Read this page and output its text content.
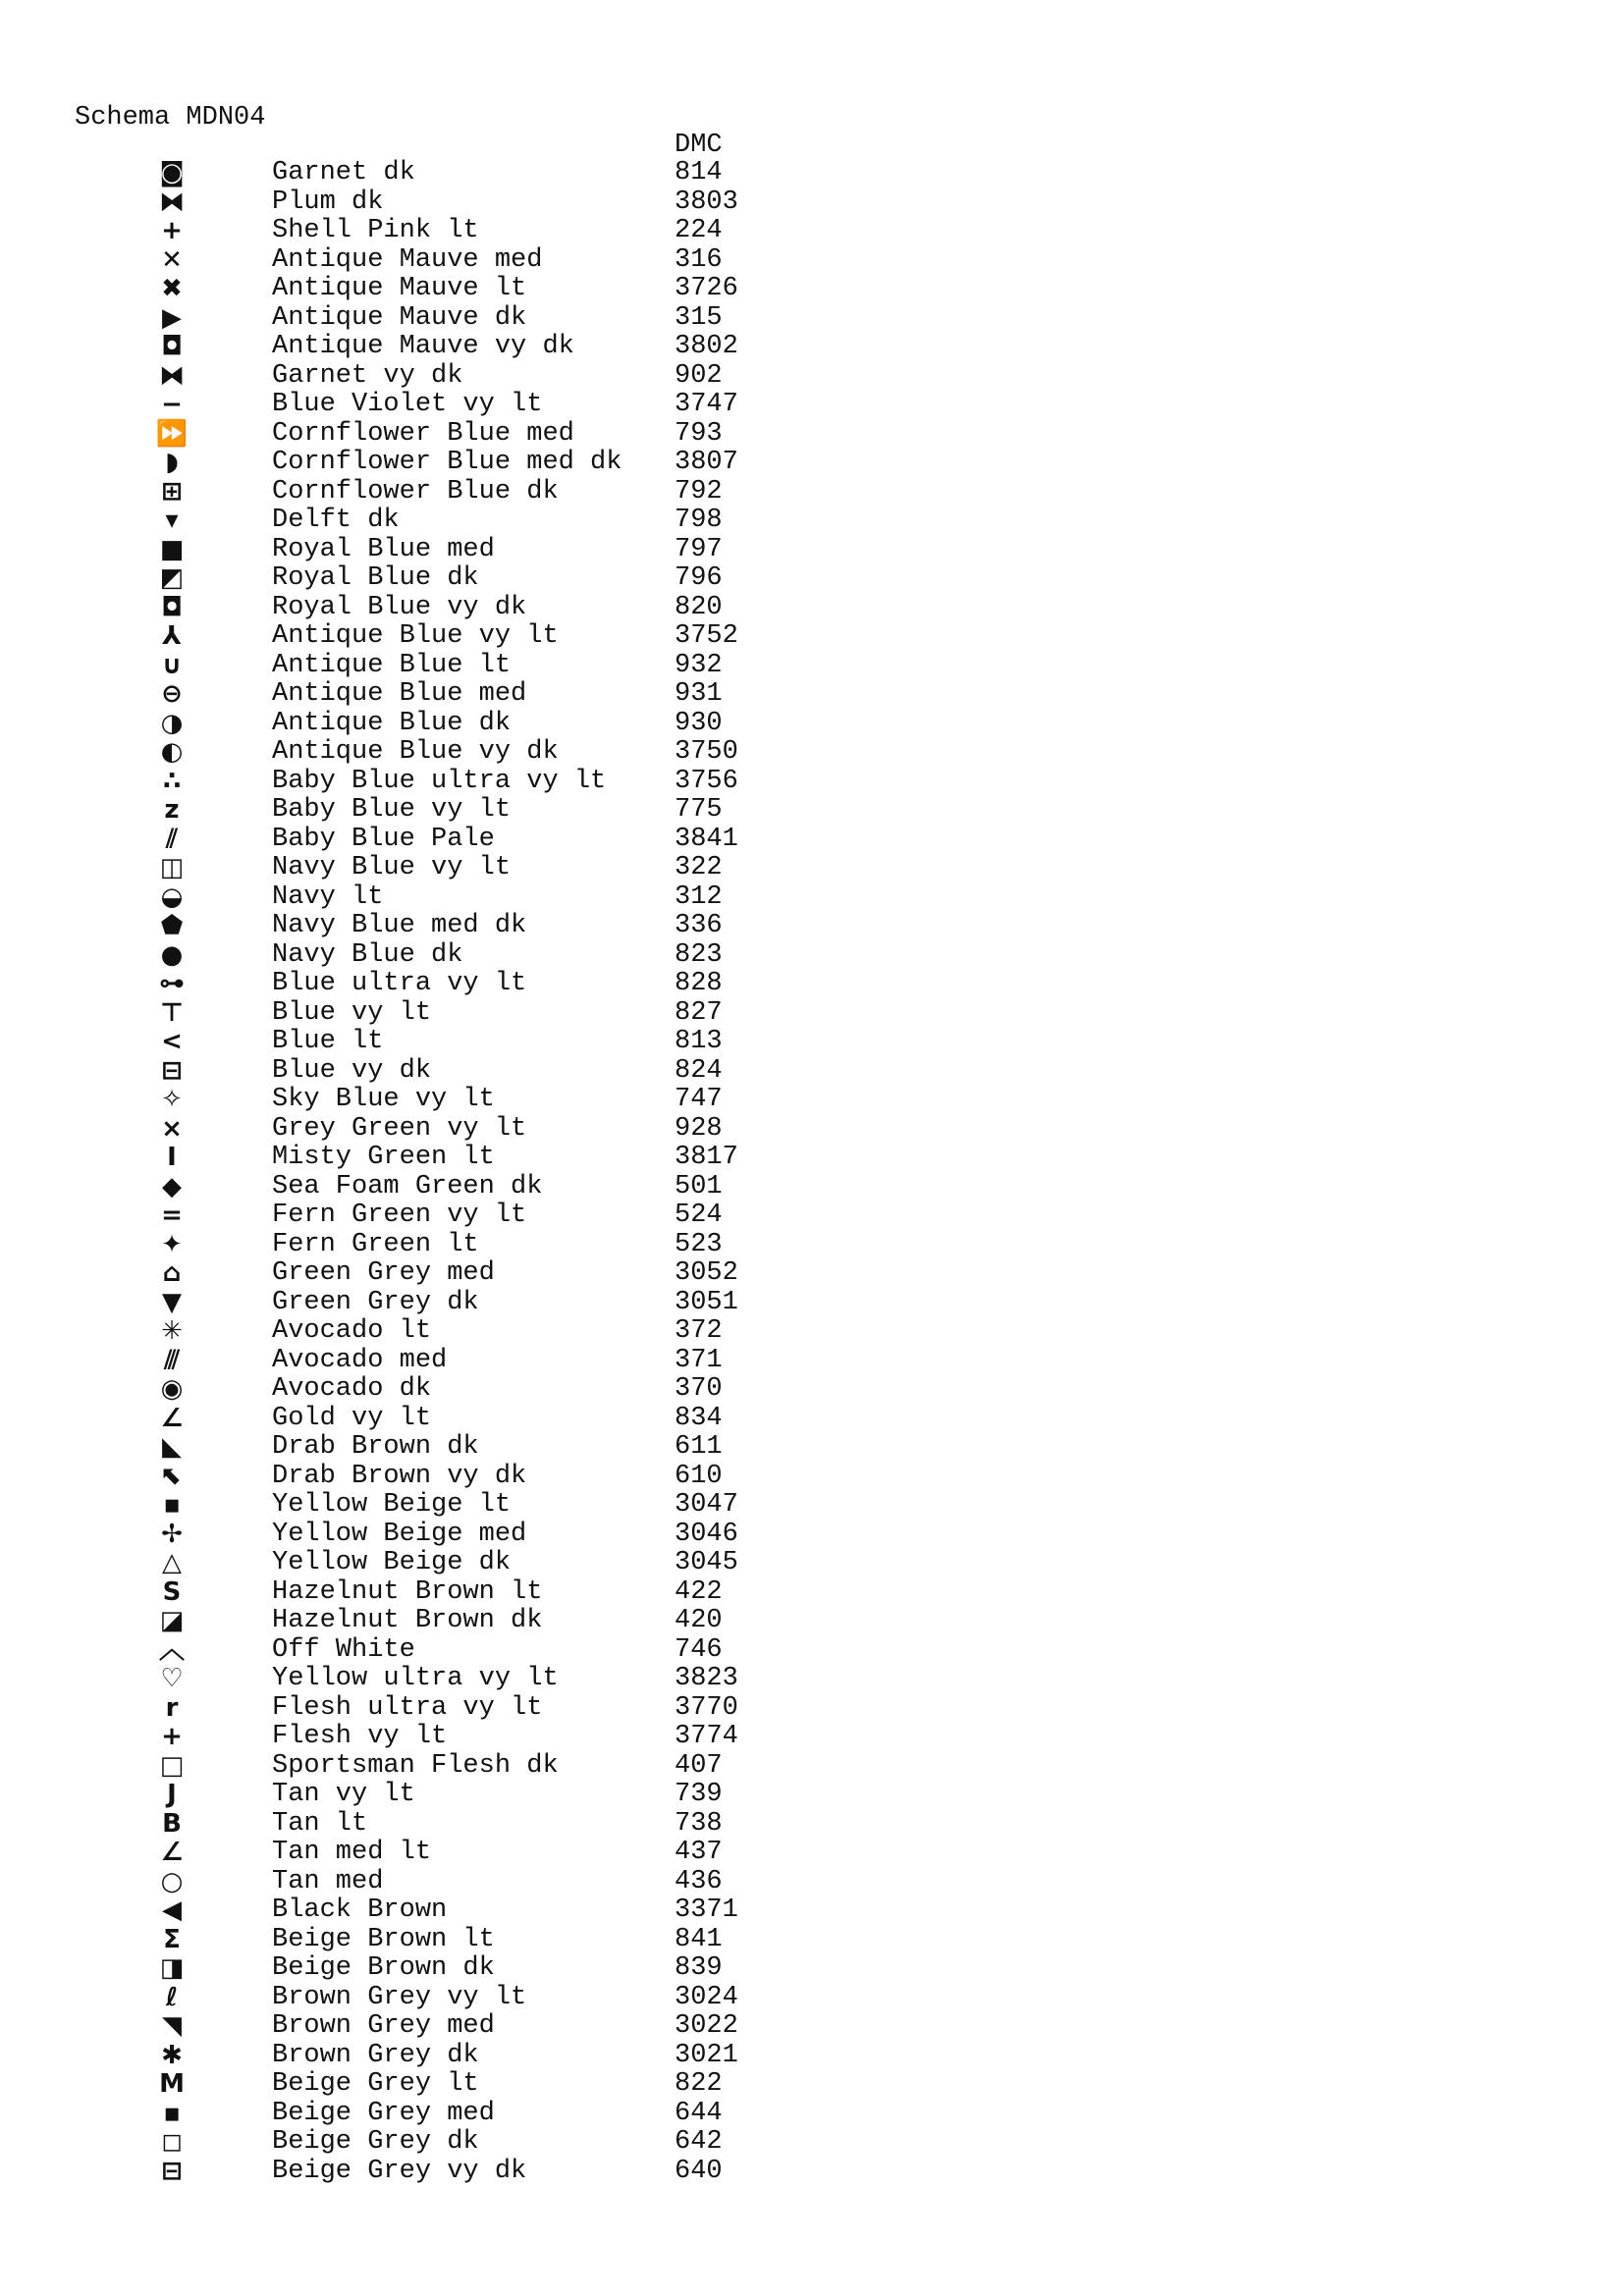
Schema MDN04
DMC
◙	Garnet dk	814
⧓	Plum dk	3803
+	Shell Pink lt	224
✕	Antique Mauve med	316
✖	Antique Mauve lt	3726
▶	Antique Mauve dk	315
◘	Antique Mauve vy dk	3802
⧓	Garnet vy dk	902
−	Blue Violet vy lt	3747
⏩	Cornflower Blue med	793
◗	Cornflower Blue med dk 3807
⊞	Cornflower Blue dk	792
▾	Delft dk	798
■	Royal Blue med	797
◩	Royal Blue dk	796
◘	Royal Blue vy dk	820
⅄	Antique Blue vy lt	3752
∪	Antique Blue lt	932
⊖	Antique Blue med	931
◑	Antique Blue dk	930
◐	Antique Blue vy dk	3750
∴	Baby Blue ultra vy lt	3756
z	Baby Blue vy lt	775
⫽	Baby Blue Pale	3841
◫	Navy Blue vy lt	322
◒	Navy lt	312
⬟	Navy Blue med dk	336
●	Navy Blue dk	823
⊶	Blue ultra vy lt	828
⊤	Blue vy lt	827
<	Blue lt	813
⊟	Blue vy dk	824
✧	Sky Blue vy lt	747
×	Grey Green vy lt	928
I	Misty Green lt	3817
◆	Sea Foam Green dk	501
=	Fern Green vy lt	524
✦	Fern Green lt	523
⌂	Green Grey med	3052
▼	Green Grey dk	3051
✳	Avocado lt	372
⫻	Avocado med	371
◉	Avocado dk	370
∠	Gold vy lt	834
◣	Drab Brown dk	611
⬉	Drab Brown vy dk	610
▪	Yellow Beige lt	3047
✢	Yellow Beige med	3046
△	Yellow Beige dk	3045
S	Hazelnut Brown lt	422
◪	Hazelnut Brown dk	420
︿	Off White	746
♡	Yellow ultra vy lt	3823
r	Flesh ultra vy lt	3770
+	Flesh vy lt	3774
□	Sportsman Flesh dk	407
J	Tan vy lt	739
B	Tan lt	738
∠	Tan med lt	437
○	Tan med	436
◀	Black Brown	3371
Σ	Beige Brown lt	841
◨	Beige Brown dk	839
ℓ	Brown Grey vy lt	3024
◥	Brown Grey med	3022
✱	Brown Grey dk	3021
M	Beige Grey lt	822
▪	Beige Grey med	644
◻	Beige Grey dk	642
⊟	Beige Grey vy dk	640
